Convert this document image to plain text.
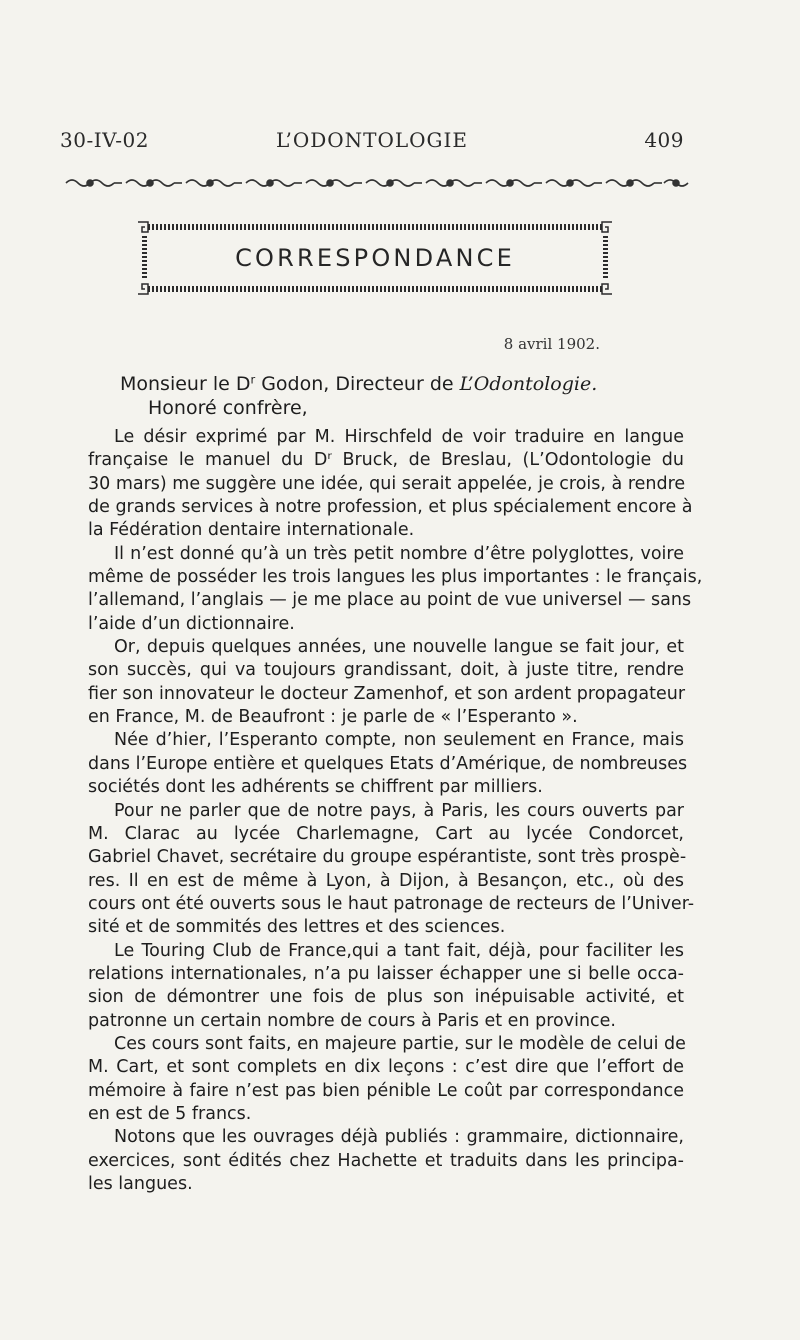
30-IV-02	L’ODONTOLOGIE	409
CORRESPONDANCE
8 avril 1902.
Monsieur le $D^r$ Godon, Directeur de L’Odontologie.
Honoré confrère,

Le désir exprimé par M. Hirschfeld de voir traduire en langue
française le manuel du Dʳ Bruck, de Breslau, (L’Odontologie du
30 mars) me suggère une idée, qui serait appelée, je crois, à rendre
de grands services à notre profession, et plus spécialement encore à
la Fédération dentaire internationale.

Il n’est donné qu’à un très petit nombre d’être polyglottes, voire
même de posséder les trois langues les plus importantes : le français,
l’allemand, l’anglais — je me place au point de vue universel — sans
l’aide d’un dictionnaire.

Or, depuis quelques années, une nouvelle langue se fait jour, et
son succès, qui va toujours grandissant, doit, à juste titre, rendre
fier son innovateur le docteur Zamenhof, et son ardent propagateur
en France, M. de Beaufront : je parle de « l’Esperanto ».

Née d’hier, l’Esperanto compte, non seulement en France, mais
dans l’Europe entière et quelques Etats d’Amérique, de nombreuses
sociétés dont les adhérents se chiffrent par milliers.

Pour ne parler que de notre pays, à Paris, les cours ouverts par
M. Clarac au lycée Charlemagne, Cart au lycée Condorcet,
Gabriel Chavet, secrétaire du groupe espérantiste, sont très prospè-
res. Il en est de même à Lyon, à Dijon, à Besançon, etc., où des
cours ont été ouverts sous le haut patronage de recteurs de l’Univer-
sité et de sommités des lettres et des sciences.

Le Touring Club de France,qui a tant fait, déjà, pour faciliter les
relations internationales, n’a pu laisser échapper une si belle occa-
sion de démontrer une fois de plus son inépuisable activité, et
patronne un certain nombre de cours à Paris et en province.

Ces cours sont faits, en majeure partie, sur le modèle de celui de
M. Cart, et sont complets en dix leçons : c’est dire que l’effort de
mémoire à faire n’est pas bien pénible Le coût par correspondance
en est de 5 francs.

Notons que les ouvrages déjà publiés : grammaire, dictionnaire,
exercices, sont édités chez Hachette et traduits dans les principa-
les langues.
